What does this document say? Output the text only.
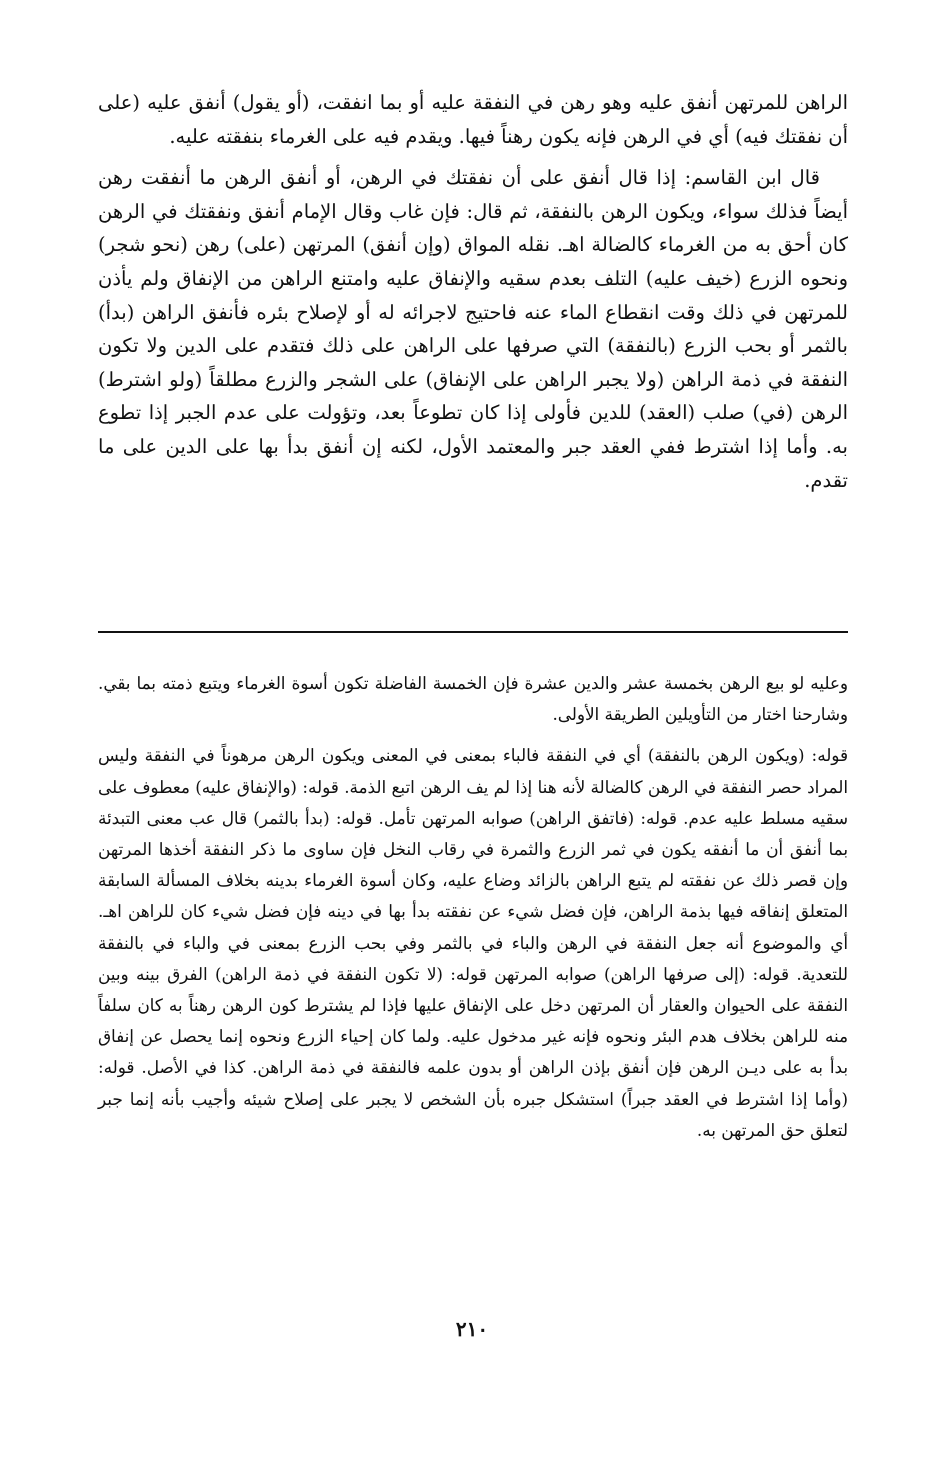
الراهن للمرتهن أنفق عليه وهو رهن في النفقة عليه أو بما انفقت، (أو يقول) أنفق عليه (على أن نفقتك فيه) أي في الرهن فإنه يكون رهناً فيها. ويقدم فيه على الغرماء بنفقته عليه.

قال ابن القاسم: إذا قال أنفق على أن نفقتك في الرهن، أو أنفق الرهن ما أنفقت رهن أيضاً فذلك سواء، ويكون الرهن بالنفقة، ثم قال: فإن غاب وقال الإمام أنفق ونفقتك في الرهن كان أحق به من الغرماء كالضالة اهـ. نقله المواق (وإن أنفق) المرتهن (على) رهن (نحو شجر) ونحوه الزرع (خيف عليه) التلف بعدم سقيه والإنفاق عليه وامتنع الراهن من الإنفاق ولم يأذن للمرتهن في ذلك وقت انقطاع الماء عنه فاحتيج لاجرائه له أو لإصلاح بئره فأنفق الراهن (بدأ) بالثمر أو بحب الزرع (بالنفقة) التي صرفها على الراهن على ذلك فتقدم على الدين ولا تكون النفقة في ذمة الراهن (ولا يجبر الراهن على الإنفاق) على الشجر والزرع مطلقاً (ولو اشترط) الرهن (في) صلب (العقد) للدين فأولى إذا كان تطوعاً بعد، وتؤولت على عدم الجبر إذا تطوع به. وأما إذا اشترط ففي العقد جبر والمعتمد الأول، لكنه إن أنفق بدأ بها على الدين على ما تقدم.

وعليه لو بيع الرهن بخمسة عشر والدين عشرة فإن الخمسة الفاضلة تكون أسوة الغرماء ويتبع ذمته بما بقي. وشارحنا اختار من التأويلين الطريقة الأولى.

قوله: (ويكون الرهن بالنفقة) أي في النفقة فالباء بمعنى في المعنى ويكون الرهن مرهوناً في النفقة وليس المراد حصر النفقة في الرهن كالضالة لأنه هنا إذا لم يف الرهن اتبع الذمة. قوله: (والإنفاق عليه) معطوف على سقيه مسلط عليه عدم. قوله: (فاتفق الراهن) صوابه المرتهن تأمل. قوله: (بدأ بالثمر) قال عب معنى التبدئة بما أنفق أن ما أنفقه يكون في ثمر الزرع والثمرة في رقاب النخل فإن ساوى ما ذكر النفقة أخذها المرتهن وإن قصر ذلك عن نفقته لم يتبع الراهن بالزائد وضاع عليه، وكان أسوة الغرماء بدينه بخلاف المسألة السابقة المتعلق إنفاقه فيها بذمة الراهن، فإن فضل شيء عن نفقته بدأ بها في دينه فإن فضل شيء كان للراهن اهـ. أي والموضوع أنه جعل النفقة في الرهن والباء في بالثمر وفي بحب الزرع بمعنى في والباء في بالنفقة للتعدية. قوله: (إلى صرفها الراهن) صوابه المرتهن قوله: (لا تكون النفقة في ذمة الراهن) الفرق بينه وبين النفقة على الحيوان والعقار أن المرتهن دخل على الإنفاق عليها فإذا لم يشترط كون الرهن رهناً به كان سلفاً منه للراهن بخلاف هدم البئر ونحوه فإنه غير مدخول عليه. ولما كان إحياء الزرع ونحوه إنما يحصل عن إنفاق بدأ به على ديـن الرهن فإن أنفق بإذن الراهن أو بدون علمه فالنفقة في ذمة الراهن. كذا في الأصل. قوله: (وأما إذا اشترط في العقد جبراً) استشكل جبره بأن الشخص لا يجبر على إصلاح شيئه وأجيب بأنه إنما جبر لتعلق حق المرتهن به.

٢١٠
